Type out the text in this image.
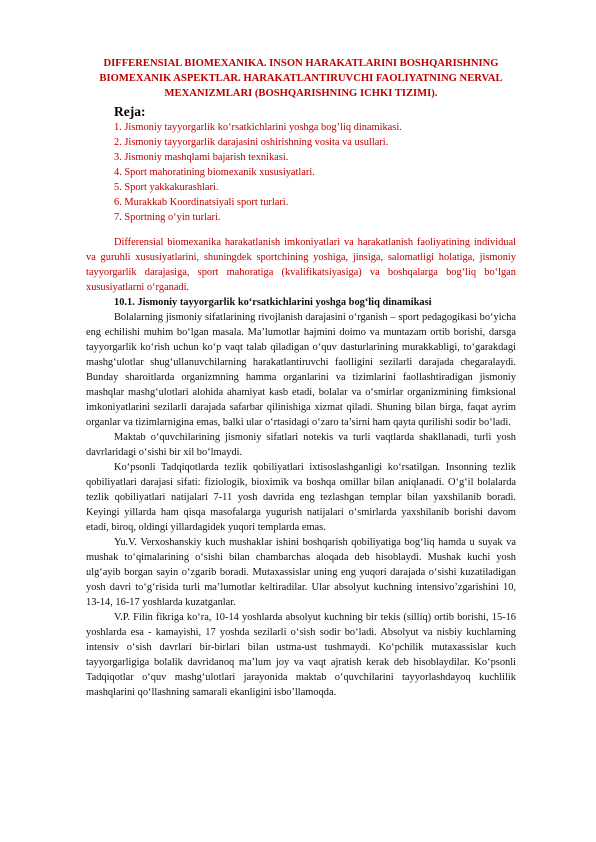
DIFFERENSIAL BIOMEXANIKA. INSON HARAKATLARINI BOSHQARISHNING BIOMEXANIK ASPEKTLAR. HARAKATLANTIRUVCHI FAOLIYATNING NERVAL MEXANIZMLARI (BOSHQARISHNING ICHKI TIZIMI).
Reja:
1. Jismoniy tayyorgarlik ko‘rsatkichlarini yoshga bog’liq dinamikasi.
2. Jismoniy tayyorgarlik darajasini oshirishning vosita va usullari.
3. Jismoniy mashqlami bajarish texnikasi.
4. Sport mahoratining biomexanik xususiyatlari.
5. Sport yakkakurashlari.
6. Murakkab Koordinatsiyali sport turlari.
7. Sportning o‘yin turlari.

Differensial biomexanika harakatlanish imkoniyatlari va harakatlanish faoliyatining individual va guruhli xususiyatlarini, shuningdek sportchining yoshiga, jinsiga, salomatligi holatiga, jismoniy tayyorgarlik darajasiga, sport mahoratiga (kvalifikatsiyasiga) va boshqalarga bog‘liq bo‘lgan xususiyatlarni o‘rganadi.

10.1. Jismoniy tayyorgarlik ko‘rsatkichlarini yoshga bog‘liq dinamikasi

Bolalarning jismoniy sifatlarining rivojlanish darajasini o‘rganish – sport pedagogikasi bo‘yicha eng echilishi muhim bo‘lgan masala. Ma’lumotlar hajmini doimo va muntazam ortib borishi, darsga tayyorgarlik ko‘rish uchun ko‘p vaqt talab qiladigan o‘quv dasturlarining murakkabligi, to‘garakdagi mashg‘ulotlar shug‘ullanuvchilarning harakatlantiruvchi faolligini sezilarli darajada chegaralaydi. Bunday sharoitlarda organizmning hamma organlarini va tizimlarini faollashtiradigan jismoniy mashqlar mashg‘ulotlari alohida ahamiyat kasb etadi, bolalar va o‘smirlar organizmining fimksional imkoniyatlarini sezilarli darajada safarbar qilinishiga xizmat qiladi. Shuning bilan birga, faqat ayrim organlar va tizimlarnigina emas, balki ular o‘rtasidagi o‘zaro ta’sirni ham qayta qurilishi sodir bo‘ladi.

Maktab o‘quvchilarining jismoniy sifatlari notekis va turli vaqtlarda shakllanadi, turli yosh davrlaridagi o‘sishi bir xil bo‘lmaydi.

Ko‘psonli Tadqiqotlarda tezlik qobiliyatlari ixtisoslashganligi ko‘rsatilgan. Insonning tezlik qobiliyatlari darajasi sifati: fiziologik, bioximik va boshqa omillar bilan aniqlanadi. O‘g‘il bolalarda tezlik qobiliyatlari natijalari 7-11 yosh davrida eng tezlashgan templar bilan yaxshilanib boradi. Keyingi yillarda ham qisqa masofalarga yugurish natijalari o‘smirlarda yaxshilanib borishi davom etadi, biroq, oldingi yillardagidek yuqori templarda emas.

Yu.V. Verxoshanskiy kuch mushaklar ishini boshqarish qobiliyatiga bog‘liq hamda u suyak va mushak to‘qimalarining o‘sishi bilan chambarchas aloqada deb hisoblaydi. Mushak kuchi yosh ulg‘ayib borgan sayin o‘zgarib boradi. Mutaxassislar uning eng yuqori darajada o‘sishi kuzatiladigan yosh davri to‘g‘risida turli ma’lumotlar keltiradilar. Ular absolyut kuchning intensivo’zgarishini 10, 13-14, 16-17 yoshlarda kuzatganlar.

V.P. Filin fikriga ko‘ra, 10-14 yoshlarda absolyut kuchning bir tekis (silliq) ortib borishi, 15-16 yoshlarda esa - kamayishi, 17 yoshda sezilarli o‘sish sodir bo‘ladi. Absolyut va nisbiy kuchlarning intensiv o‘sish davrlari bir-birlari bilan ustma-ust tushmaydi. Ko‘pchilik mutaxassislar kuch tayyorgarligiga bolalik davridanoq ma’lum joy va vaqt ajratish kerak deb hisoblaydilar. Ko‘psonli Tadqiqotlar o‘quv mashg‘ulotlari jarayonida maktab o‘quvchilarini tayyorlashdayoq kuchlilik mashqlarini qo‘llashning samarali ekanligini isbo’llamoqda.
